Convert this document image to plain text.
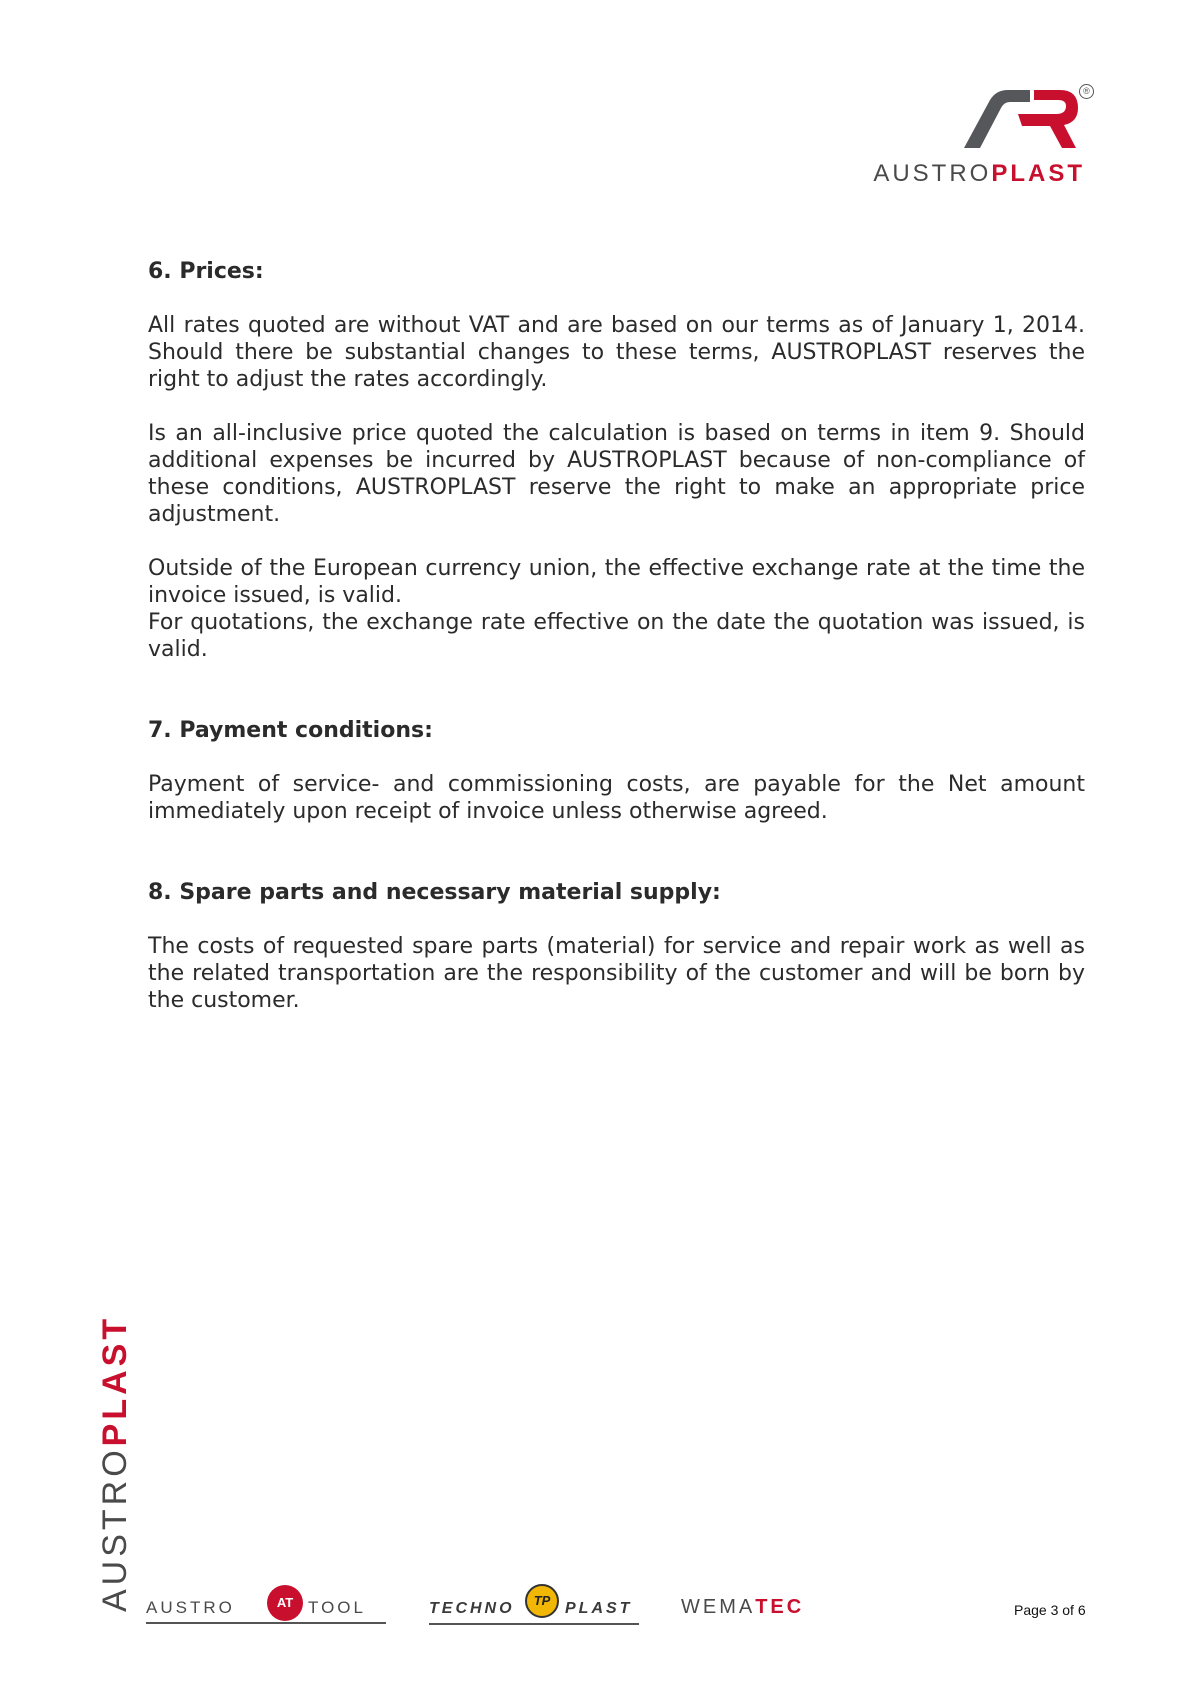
®
AUSTROPLAST
6. Prices:

All rates quoted are without VAT and are based on our terms as of January 1, 2014. Should there be substantial changes to these terms, AUSTROPLAST reserves the right to adjust the rates accordingly.

Is an all-inclusive price quoted the calculation is based on terms in item 9. Should additional expenses be incurred by AUSTROPLAST because of non-compliance of these conditions, AUSTROPLAST reserve the right to make an appropriate price adjustment.

Outside of the European currency union, the effective exchange rate at the time the invoice issued, is valid.

For quotations, the exchange rate effective on the date the quotation was issued, is valid.

7. Payment conditions:

Payment of service- and commissioning costs, are payable for the Net amount immediately upon receipt of invoice unless otherwise agreed.

8. Spare parts and necessary material supply:

The costs of requested spare parts (material) for service and repair work as well as the related transportation are the responsibility of the customer and will be born by the customer.

AUSTROPLAST
AUSTRO	TOOL
AT	TECHNO	PLAST
TP	WEMATEC	Page 3 of 6
